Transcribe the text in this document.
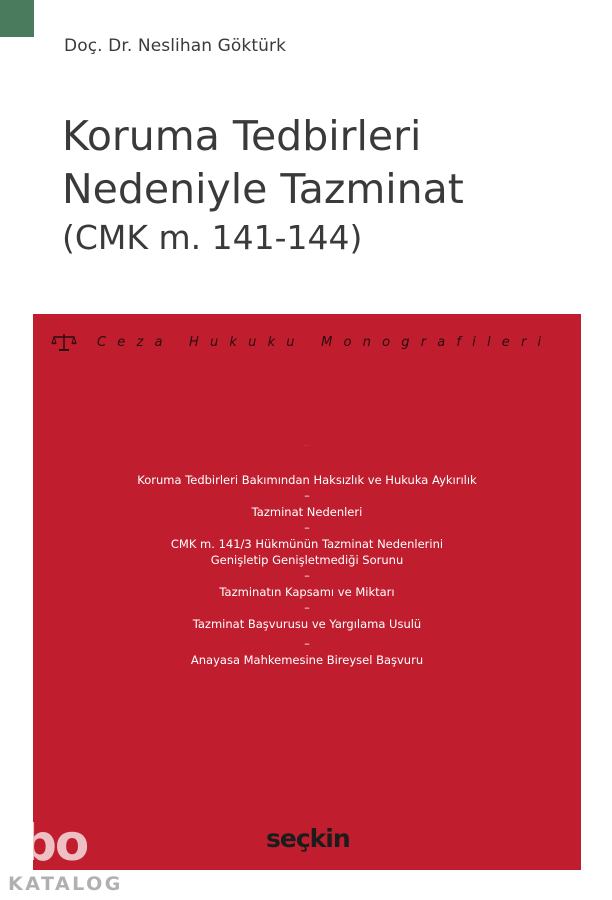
Doç. Dr. Neslihan Göktürk
Koruma Tedbirleri
Nedeniyle Tazminat
(CMK m. 141-144)
Ceza Hukuku Monografileri
...
Koruma Tedbirleri Bakımından Haksızlık ve Hukuka Aykırılık
–
Tazminat Nedenleri
–
CMK m. 141/3 Hükmünün Tazminat Nedenlerini
Genişletip Genişletmediği Sorunu
–
Tazminatın Kapsamı ve Miktarı
–
Tazminat Başvurusu ve Yargılama Usulü
–
Anayasa Mahkemesine Bireysel Başvuru
seçkin
ibo
KATALOG
